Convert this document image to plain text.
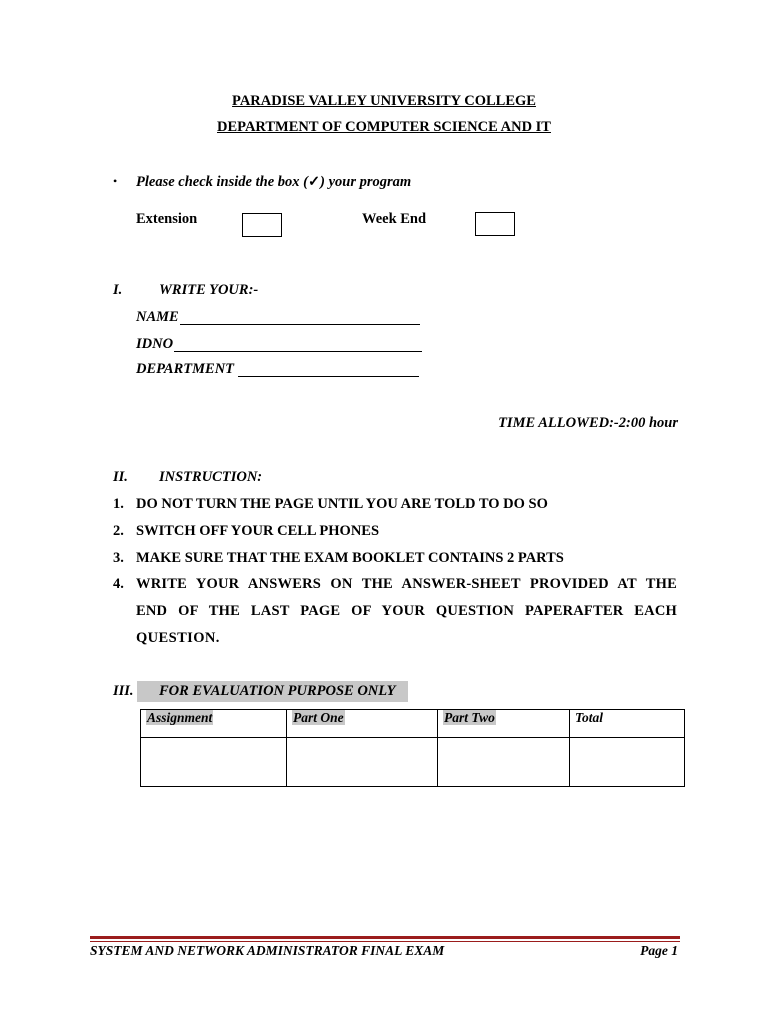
PARADISE VALLEY UNIVERSITY COLLEGE
DEPARTMENT OF COMPUTER SCIENCE AND IT
• Please check inside the box (✓) your program
Extension	Week End
I.	WRITE YOUR:-
NAME
IDNO
DEPARTMENT
TIME ALLOWED:-2:00 hour
II. INSTRUCTION:
1. DO NOT TURN THE PAGE UNTIL YOU ARE TOLD TO DO SO
2. SWITCH OFF YOUR CELL PHONES
3. MAKE SURE THAT THE EXAM BOOKLET CONTAINS 2 PARTS
4. WRITE YOUR ANSWERS ON THE ANSWER-SHEET PROVIDED AT THE
END OF THE LAST PAGE OF YOUR QUESTION PAPERAFTER EACH
QUESTION.
III.	FOR EVALUATION PURPOSE ONLY
Assignment	Part One	Part Two	Total

SYSTEM AND NETWORK ADMINISTRATOR FINAL EXAM	Page 1
